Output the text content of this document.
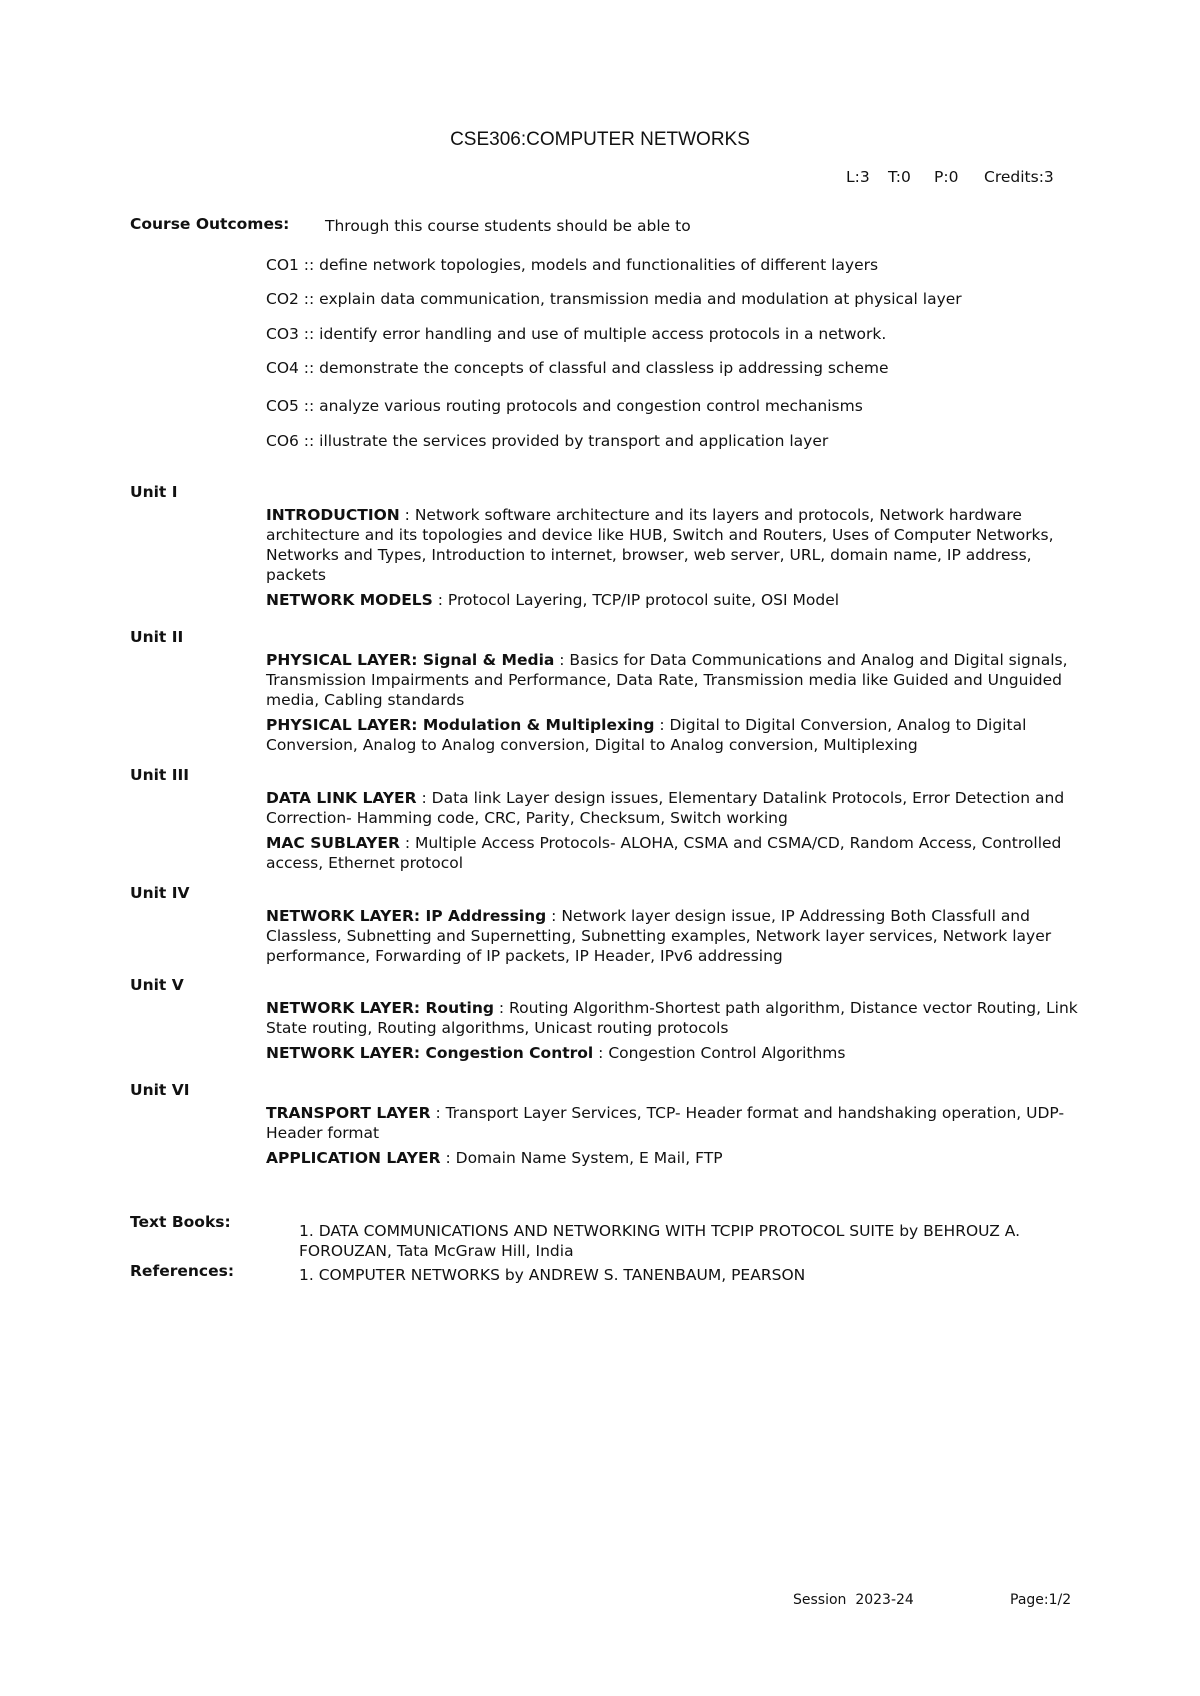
CSE306:COMPUTER NETWORKS
L:3 T:0 P:0 Credits:3
Course Outcomes: Through this course students should be able to
CO1 :: define network topologies, models and functionalities of different layers
CO2 :: explain data communication, transmission media and modulation at physical layer
CO3 :: identify error handling and use of multiple access protocols in a network.
CO4 :: demonstrate the concepts of classful and classless ip addressing scheme
CO5 :: analyze various routing protocols and congestion control mechanisms
CO6 :: illustrate the services provided by transport and application layer
Unit I

INTRODUCTION : Network software architecture and its layers and protocols, Network hardware architecture and its topologies and device like HUB, Switch and Routers, Uses of Computer Networks, Networks and Types, Introduction to internet, browser, web server, URL, domain name, IP address, packets

NETWORK MODELS : Protocol Layering, TCP/IP protocol suite, OSI Model

Unit II

PHYSICAL LAYER: Signal & Media : Basics for Data Communications and Analog and Digital signals, Transmission Impairments and Performance, Data Rate, Transmission media like Guided and Unguided media, Cabling standards

PHYSICAL LAYER: Modulation & Multiplexing : Digital to Digital Conversion, Analog to Digital Conversion, Analog to Analog conversion, Digital to Analog conversion, Multiplexing

Unit III

DATA LINK LAYER : Data link Layer design issues, Elementary Datalink Protocols, Error Detection and Correction- Hamming code, CRC, Parity, Checksum, Switch working

MAC SUBLAYER : Multiple Access Protocols- ALOHA, CSMA and CSMA/CD, Random Access, Controlled access, Ethernet protocol

Unit IV

NETWORK LAYER: IP Addressing : Network layer design issue, IP Addressing Both Classfull and Classless, Subnetting and Supernetting, Subnetting examples, Network layer services, Network layer performance, Forwarding of IP packets, IP Header, IPv6 addressing

Unit V

NETWORK LAYER: Routing : Routing Algorithm-Shortest path algorithm, Distance vector Routing, Link State routing, Routing algorithms, Unicast routing protocols

NETWORK LAYER: Congestion Control : Congestion Control Algorithms

Unit VI

TRANSPORT LAYER : Transport Layer Services, TCP- Header format and handshaking operation, UDP- Header format

APPLICATION LAYER : Domain Name System, E Mail, FTP

Text Books:	1. DATA COMMUNICATIONS AND NETWORKING WITH TCPIP PROTOCOL SUITE by BEHROUZ A. FOROUZAN, Tata McGraw Hill, India
References:	1. COMPUTER NETWORKS by ANDREW S. TANENBAUM, PEARSON
Session  2023-24	Page:1/2
